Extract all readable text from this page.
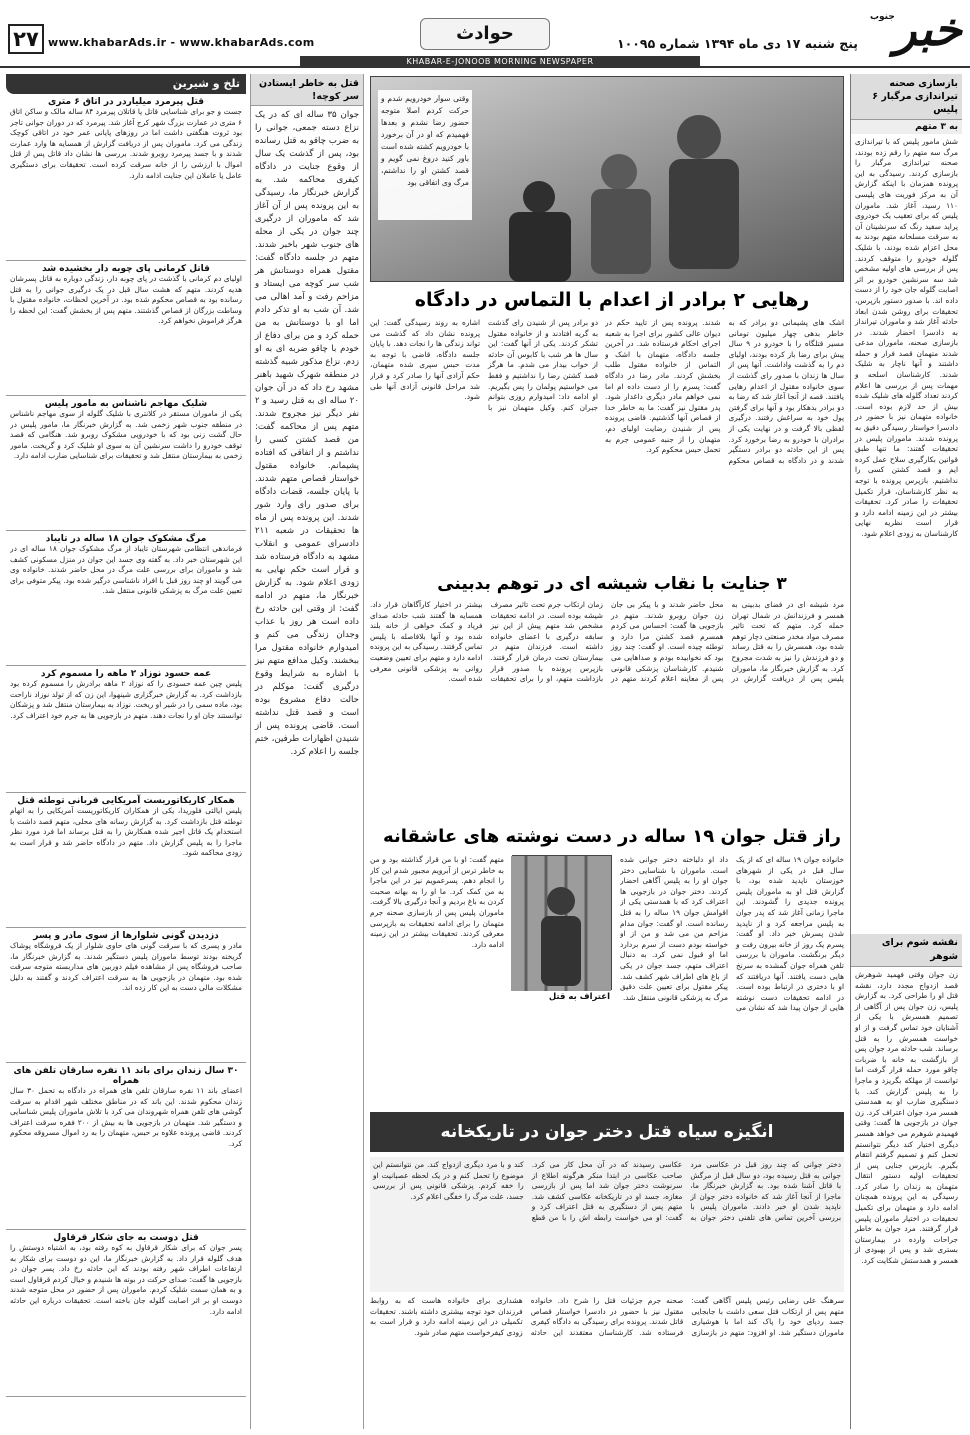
خبر
جنوب
پنج شنبه ۱۷ دی ماه ۱۳۹۴ شماره ۱۰۰۹۵
حوادث
www.khabarAds.ir - www.khabarAds.com
۲۷
KHABAR-E-JONOOB MORNING NEWSPAPER
بازسازی صحنه تیراندازی مرگبار ۶ پلیس
به ۳ متهم
شش مامور پلیس که با تیراندازی مرگ سه متهم را رقم زده بودند، صحنه تیراندازی مرگبار را بازسازی کردند. رسیدگی به این پرونده همزمان با اینکه گزارش آن به مرکز فوریت های پلیسی ۱۱۰ رسید، آغاز شد. ماموران پلیس که برای تعقیب یک خودروی پراید سفید رنگ که سرنشینان آن به سرقت مسلحانه متهم بودند به محل اعزام شده بودند، با شلیک گلوله خودرو را متوقف کردند. پس از بررسی های اولیه مشخص شد سه سرنشین خودرو بر اثر اصابت گلوله جان خود را از دست داده اند. با صدور دستور بازپرس، تحقیقات برای روشن شدن ابعاد حادثه آغاز شد و ماموران تیرانداز به دادسرا احضار شدند. در بازسازی صحنه، ماموران مدعی شدند متهمان قصد فرار و حمله داشتند و آنها ناچار به شلیک شدند. کارشناسان اسلحه و مهمات پس از بررسی ها اعلام کردند تعداد گلوله های شلیک شده بیش از حد لازم بوده است. خانواده متهمان نیز با حضور در دادسرا خواستار رسیدگی دقیق به پرونده شدند. ماموران پلیس در تحقیقات گفتند: ما تنها طبق قوانین بکارگیری سلاح عمل کرده ایم و قصد کشتن کسی را نداشتیم. بازپرس پرونده با توجه به نظر کارشناسان، قرار تکمیل تحقیقات را صادر کرد. تحقیقات بیشتر در این زمینه ادامه دارد و قرار است نظریه نهایی کارشناسان به زودی اعلام شود.
نقشه شوم برای شوهر
زن جوان وقتی فهمید شوهرش قصد ازدواج مجدد دارد، نقشه قتل او را طراحی کرد. به گزارش پلیس، زن جوان پس از آگاهی از تصمیم همسرش با یکی از آشنایان خود تماس گرفت و از او خواست همسرش را به قتل برساند. شب حادثه مرد جوان پس از بازگشت به خانه با ضربات چاقو مورد حمله قرار گرفت اما توانست از مهلکه بگریزد و ماجرا را به پلیس گزارش کند. با دستگیری ضارب او به همدستی همسر مرد جوان اعتراف کرد. زن جوان در بازجویی ها گفت: وقتی فهمیدم شوهرم می خواهد همسر دیگری اختیار کند دیگر نتوانستم تحمل کنم و تصمیم گرفتم انتقام بگیرم. بازپرس جنایی پس از تحقیقات اولیه دستور انتقال متهمان به زندان را صادر کرد. رسیدگی به این پرونده همچنان ادامه دارد و متهمان برای تکمیل تحقیقات در اختیار ماموران پلیس قرار گرفتند. مرد جوان به خاطر جراحات وارده در بیمارستان بستری شد و پس از بهبودی از همسر و همدستش شکایت کرد.
وقتی سوار خودرویم شدم و حرکت کردم اصلا متوجه حضور رضا نشدم و بعدها فهمیدم که او در آن برخورد با خودرویم کشته شده است باور کنید دروغ نمی گویم و قصد کشتن او را نداشتم، مرگ وی اتفاقی بود
رهایی ۲ برادر از اعدام با التماس در دادگاه
اشک های پشیمانی دو برادر که به خاطر بدهی چهار میلیون تومانی مسیر قتلگاه را با خودرو در ۹ سال پیش برای رضا باز کرده بودند، اولیای دم را به گذشت واداشت. آنها پس از سال ها زندان با صدور رای گذشت از سوی خانواده مقتول از اعدام رهایی یافتند. قصه از آنجا آغاز شد که رضا به دو برادر بدهکار بود و آنها برای گرفتن پول خود به سراغش رفتند. درگیری لفظی بالا گرفت و در نهایت یکی از برادران با خودرو به رضا برخورد کرد. پس از این حادثه دو برادر دستگیر شدند و در دادگاه به قصاص محکوم شدند. پرونده پس از تایید حکم در دیوان عالی کشور برای اجرا به شعبه اجرای احکام فرستاده شد. در آخرین جلسه دادگاه، متهمان با اشک و التماس از خانواده مقتول طلب بخشش کردند. مادر رضا در دادگاه گفت: پسرم را از دست داده ام اما نمی خواهم مادر دیگری داغدار شود. پدر مقتول نیز گفت: ما به خاطر خدا از قصاص آنها گذشتیم. قاضی پرونده پس از شنیدن رضایت اولیای دم، متهمان را از جنبه عمومی جرم به تحمل حبس محکوم کرد.
دو برادر پس از شنیدن رای گذشت به گریه افتادند و از خانواده مقتول تشکر کردند. یکی از آنها گفت: این سال ها هر شب با کابوس آن حادثه از خواب بیدار می شدم. ما هرگز قصد کشتن رضا را نداشتیم و فقط می خواستیم پولمان را پس بگیریم. او ادامه داد: امیدوارم روزی بتوانم جبران کنم. وکیل متهمان نیز با اشاره به روند رسیدگی گفت: این پرونده نشان داد که گذشت می تواند زندگی ها را نجات دهد. با پایان جلسه دادگاه، قاضی با توجه به مدت حبس سپری شده متهمان، حکم آزادی آنها را صادر کرد و قرار شد مراحل قانونی آزادی آنها طی شود.
۳ جنایت با نقاب شیشه ای در توهم بدبینی
مرد شیشه ای در فضای بدبینی به همسر و فرزندانش در شمال تهران حمله کرد. متهم که تحت تاثیر مصرف مواد مخدر صنعتی دچار توهم شده بود، همسرش را به قتل رساند و دو فرزندش را نیز به شدت مجروح کرد. به گزارش خبرنگار ما، ماموران پلیس پس از دریافت گزارش در محل حاضر شدند و با پیکر بی جان زن جوان روبرو شدند. متهم در بازجویی ها گفت: احساس می کردم همسرم قصد کشتن مرا دارد و توطئه چیده است. او گفت: چند روز بود که نخوابیده بودم و صداهایی می شنیدم. کارشناسان پزشکی قانونی پس از معاینه اعلام کردند متهم در زمان ارتکاب جرم تحت تاثیر مصرف شیشه بوده است. در ادامه تحقیقات مشخص شد متهم پیش از این نیز سابقه درگیری با اعضای خانواده داشته است. فرزندان متهم در بیمارستان تحت درمان قرار گرفتند. بازپرس پرونده با صدور قرار بازداشت متهم، او را برای تحقیقات بیشتر در اختیار کارآگاهان قرار داد. همسایه ها گفتند شب حادثه صدای فریاد و کمک خواهی از خانه بلند شده بود و آنها بلافاصله با پلیس تماس گرفتند. رسیدگی به این پرونده ادامه دارد و متهم برای تعیین وضعیت روانی به پزشکی قانونی معرفی شده است.
راز قتل جوان ۱۹ ساله در دست نوشته های عاشقانه
خانواده جوان ۱۹ ساله ای که از یک سال قبل در یکی از شهرهای خوزستان ناپدید شده بود، با گزارش قتل او به ماموران پلیس پرونده جدیدی را گشودند. این ماجرا زمانی آغاز شد که پدر جوان به پلیس مراجعه کرد و از ناپدید شدن پسرش خبر داد. او گفت: پسرم یک روز از خانه بیرون رفت و دیگر برنگشت. ماموران با بررسی تلفن همراه جوان گمشده به سرنخ هایی دست یافتند. آنها دریافتند که او با دختری در ارتباط بوده است. در ادامه تحقیقات دست نوشته هایی از جوان پیدا شد که نشان می داد او دلباخته دختر جوانی شده است. ماموران با شناسایی دختر جوان او را به پلیس آگاهی احضار کردند. دختر جوان در بازجویی ها اعتراف کرد که با همدستی یکی از اقوامش جوان ۱۹ ساله را به قتل رسانده است. او گفت: جوان مدام مزاحم من می شد و من از او خواسته بودم دست از سرم بردارد اما او قبول نمی کرد. به دنبال اعتراف متهم، جسد جوان در یکی از باغ های اطراف شهر کشف شد. پیکر مقتول برای تعیین علت دقیق مرگ به پزشکی قانونی منتقل شد.
اعتراف به قتل
متهم گفت: او با من قرار گذاشته بود و من به خاطر ترس از آبرویم مجبور شدم این کار را انجام دهم. پسرعمویم نیز در این ماجرا به من کمک کرد. ما او را به بهانه صحبت کردن به باغ بردیم و آنجا درگیری بالا گرفت. ماموران پلیس پس از بازسازی صحنه جرم متهمان را برای ادامه تحقیقات به بازپرسی معرفی کردند. تحقیقات بیشتر در این زمینه ادامه دارد.
انگیزه سیاه قتل دختر جوان در تاریکخانه
دختر جوانی که چند روز قبل در عکاسی مرد جوانی به قتل رسیده بود، دو سال قبل از مرگش با قاتل آشنا شده بود. به گزارش خبرنگار ما، ماجرا از آنجا آغاز شد که خانواده دختر جوان از ناپدید شدن او خبر دادند. ماموران پلیس با بررسی آخرین تماس های تلفنی دختر جوان به عکاسی رسیدند که در آن محل کار می کرد. صاحب عکاسی در ابتدا منکر هرگونه اطلاع از سرنوشت دختر جوان شد اما پس از بازرسی مغازه، جسد او در تاریکخانه عکاسی کشف شد. متهم پس از دستگیری به قتل اعتراف کرد و گفت: او می خواست رابطه اش را با من قطع کند و با مرد دیگری ازدواج کند. من نتوانستم این موضوع را تحمل کنم و در یک لحظه عصبانیت او را خفه کردم. پزشکی قانونی پس از بررسی جسد، علت مرگ را خفگی اعلام کرد.
سرهنگ علی رضایی رئیس پلیس آگاهی گفت: متهم پس از ارتکاب قتل سعی داشت با جابجایی جسد ردپای خود را پاک کند اما با هوشیاری ماموران دستگیر شد. او افزود: متهم در بازسازی صحنه جرم جزئیات قتل را شرح داد. خانواده مقتول نیز با حضور در دادسرا خواستار قصاص قاتل شدند. پرونده برای رسیدگی به دادگاه کیفری فرستاده شد. کارشناسان معتقدند این حادثه هشداری برای خانواده هاست که به روابط فرزندان خود توجه بیشتری داشته باشند. تحقیقات تکمیلی در این زمینه ادامه دارد و قرار است به زودی کیفرخواست متهم صادر شود.
قتل به خاطر ایستادن
سر کوچه!
جوان ۳۵ ساله ای که در یک نزاع دسته جمعی، جوانی را به ضرب چاقو به قتل رسانده بود، پس از گذشت یک سال از وقوع جنایت در دادگاه کیفری محاکمه شد. به گزارش خبرنگار ما، رسیدگی به این پرونده پس از آن آغاز شد که ماموران از درگیری چند جوان در یکی از محله های جنوب شهر باخبر شدند. متهم در جلسه دادگاه گفت: مقتول همراه دوستانش هر شب سر کوچه می ایستاد و مزاحم رفت و آمد اهالی می شد. آن شب به او تذکر دادم اما او با دوستانش به من حمله کرد و من برای دفاع از خودم با چاقو ضربه ای به او زدم. نزاع مذکور شبیه گذشته در منطقه شهرک شهید باهنر مشهد رخ داد که در آن جوان ۲۰ ساله ای به قتل رسید و ۲ نفر دیگر نیز مجروح شدند. متهم پس از محاکمه گفت: من قصد کشتن کسی را نداشتم و از اتفاقی که افتاده پشیمانم. خانواده مقتول خواستار قصاص متهم شدند. با پایان جلسه، قضات دادگاه برای صدور رای وارد شور شدند. این پرونده پس از ماه ها تحقیقات در شعبه ۲۱۱ دادسرای عمومی و انقلاب مشهد به دادگاه فرستاده شد و قرار است حکم نهایی به زودی اعلام شود. به گزارش خبرنگار ما، متهم در ادامه گفت: از وقتی این حادثه رخ داده است هر روز با عذاب وجدان زندگی می کنم و امیدوارم خانواده مقتول مرا ببخشند. وکیل مدافع متهم نیز با اشاره به شرایط وقوع درگیری گفت: موکلم در حالت دفاع مشروع بوده است و قصد قتل نداشته است. قاضی پرونده پس از شنیدن اظهارات طرفین، ختم جلسه را اعلام کرد.
تلخ و شیرین
قتل پیرمرد میلیاردر در اتاق ۶ متری
جست و جو برای شناسایی قاتل یا قاتلان پیرمرد ۸۴ ساله مالک و ساکن اتاق ۶ متری در عمارت بزرگ شهر کرج آغاز شد. پیرمرد که در دوران جوانی تاجر بود ثروت هنگفتی داشت اما در روزهای پایانی عمر خود در اتاقی کوچک زندگی می کرد. ماموران پس از دریافت گزارش از همسایه ها وارد عمارت شدند و با جسد پیرمرد روبرو شدند. بررسی ها نشان داد قاتل پس از قتل اموال با ارزشی را از خانه سرقت کرده است. تحقیقات برای دستگیری عامل یا عاملان این جنایت ادامه دارد.
قاتل کرمانی پای چوبه دار بخشیده شد
اولیای دم کرمانی با گذشت در پای چوبه دار، زندگی دوباره به قاتل پسرشان هدیه کردند. متهم که هشت سال قبل در یک درگیری جوانی را به قتل رسانده بود به قصاص محکوم شده بود. در آخرین لحظات، خانواده مقتول با وساطت بزرگان از قصاص گذشتند. متهم پس از بخشش گفت: این لحظه را هرگز فراموش نخواهم کرد.
شلیک مهاجم ناشناس به مامور پلیس
یکی از ماموران مستقر در کلانتری با شلیک گلوله از سوی مهاجم ناشناس در منطقه جنوب شهر زخمی شد. به گزارش خبرنگار ما، مامور پلیس در حال گشت زنی بود که با خودرویی مشکوک روبرو شد. هنگامی که قصد توقف خودرو را داشت سرنشین آن به سوی او شلیک کرد و گریخت. مامور زخمی به بیمارستان منتقل شد و تحقیقات برای شناسایی ضارب ادامه دارد.
مرگ مشکوک جوان ۱۸ ساله در تایباد
فرماندهی انتظامی شهرستان تایباد از مرگ مشکوک جوان ۱۸ ساله ای در این شهرستان خبر داد. به گفته وی جسد این جوان در منزل مسکونی کشف شد و ماموران برای بررسی علت مرگ در محل حاضر شدند. خانواده وی می گویند او چند روز قبل با افراد ناشناسی درگیر شده بود. پیکر متوفی برای تعیین علت مرگ به پزشکی قانونی منتقل شد.
عمه حسود نوزاد ۲ ماهه را مسموم کرد
پلیس چین عمه حسودی را که نوزاد ۲ ماهه برادرش را مسموم کرده بود بازداشت کرد. به گزارش خبرگزاری شینهوا، این زن که از تولد نوزاد ناراحت بود، ماده سمی را در شیر او ریخت. نوزاد به بیمارستان منتقل شد و پزشکان توانستند جان او را نجات دهند. متهم در بازجویی ها به جرم خود اعتراف کرد.
همکار کاریکاتوریست آمریکایی قربانی توطئه قتل
پلیس ایالتی فلوریدا، یکی از همکاران کاریکاتوریست آمریکایی را به اتهام توطئه قتل بازداشت کرد. به گزارش رسانه های محلی، متهم قصد داشت با استخدام یک قاتل اجیر شده همکارش را به قتل برساند اما فرد مورد نظر ماجرا را به پلیس گزارش داد. متهم در دادگاه حاضر شد و قرار است به زودی محاکمه شود.
دزدیدن گونی شلوارها از سوی مادر و پسر
مادر و پسری که با سرقت گونی های حاوی شلوار از یک فروشگاه پوشاک گریخته بودند توسط ماموران پلیس دستگیر شدند. به گزارش خبرنگار ما، صاحب فروشگاه پس از مشاهده فیلم دوربین های مداربسته متوجه سرقت شده بود. متهمان در بازجویی ها به سرقت اعتراف کردند و گفتند به دلیل مشکلات مالی دست به این کار زده اند.
۳۰ سال زندان برای باند ۱۱ نفره سارقان تلفن های همراه
اعضای باند ۱۱ نفره سارقان تلفن های همراه در دادگاه به تحمل ۳۰ سال زندان محکوم شدند. این باند که در مناطق مختلف شهر اقدام به سرقت گوشی های تلفن همراه شهروندان می کرد با تلاش ماموران پلیس شناسایی و دستگیر شد. متهمان در بازجویی ها به بیش از ۲۰۰ فقره سرقت اعتراف کردند. قاضی پرونده علاوه بر حبس، متهمان را به رد اموال مسروقه محکوم کرد.
قتل دوست به جای شکار قرقاول
پسر جوان که برای شکار قرقاول به کوه رفته بود، به اشتباه دوستش را هدف گلوله قرار داد. به گزارش خبرنگار ما، این دو دوست برای شکار به ارتفاعات اطراف شهر رفته بودند که این حادثه رخ داد. پسر جوان در بازجویی ها گفت: صدای حرکت در بوته ها شنیدم و خیال کردم قرقاول است و به همان سمت شلیک کردم. ماموران پس از حضور در محل متوجه شدند دوست او بر اثر اصابت گلوله جان باخته است. تحقیقات درباره این حادثه ادامه دارد.
